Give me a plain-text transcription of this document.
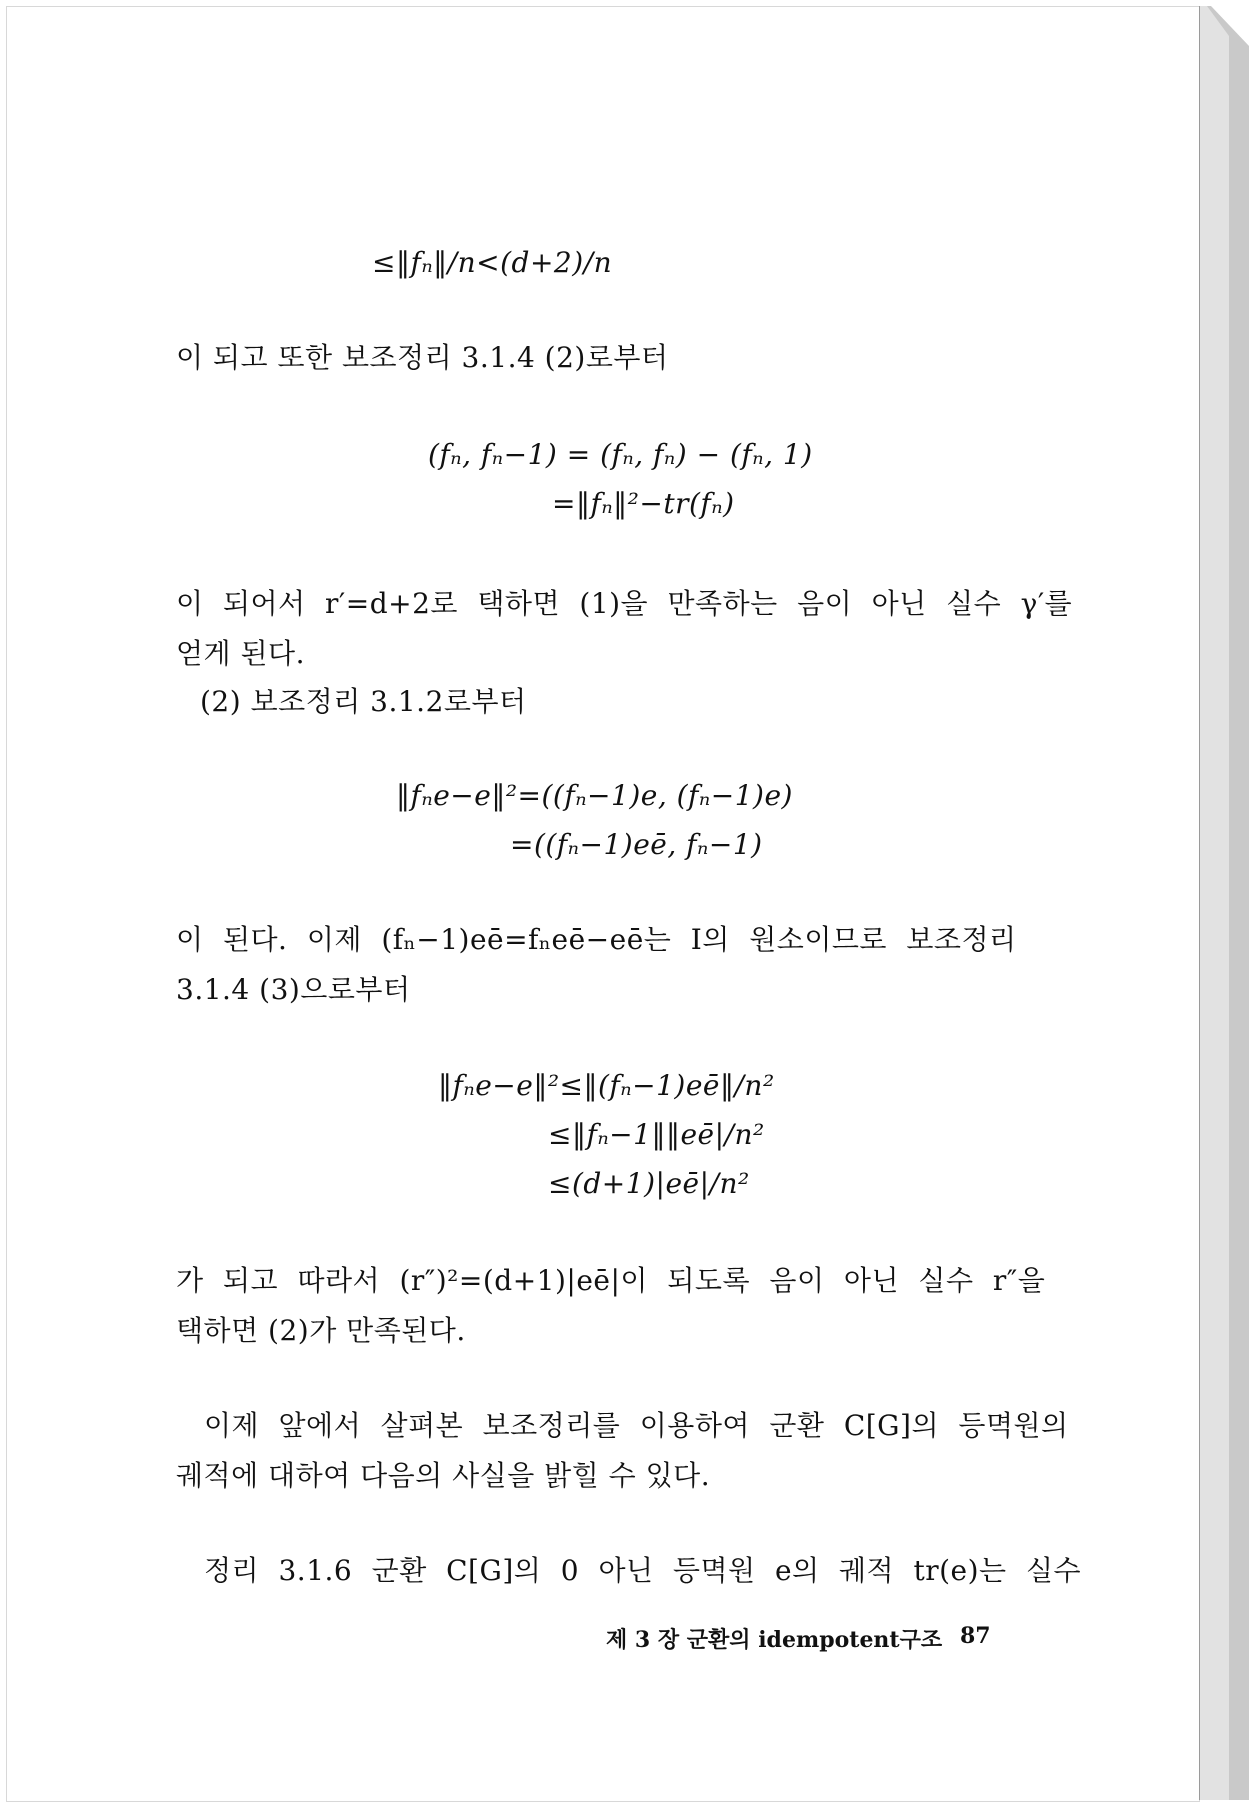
≤‖fₙ‖/n<(d+2)/n
이 되고 또한 보조정리 3.1.4 (2)로부터
(fₙ, fₙ−1) = (fₙ, fₙ) − (fₙ, 1)
=‖fₙ‖²−tr(fₙ)
이 되어서 r′=d+2로 택하면 (1)을 만족하는 음이 아닌 실수 γ′를
얻게 된다.
(2) 보조정리 3.1.2로부터
‖fₙe−e‖²=((fₙ−1)e, (fₙ−1)e)
=((fₙ−1)eē, fₙ−1)
이 된다. 이제 (fₙ−1)eē=fₙeē−eē는 I의 원소이므로 보조정리
3.1.4 (3)으로부터
‖fₙe−e‖²≤‖(fₙ−1)eē‖/n²
≤‖fₙ−1‖‖eē|/n²
≤(d+1)|eē|/n²
가 되고 따라서 (r″)²=(d+1)|eē|이 되도록 음이 아닌 실수 r″을
택하면 (2)가 만족된다.
이제 앞에서 살펴본 보조정리를 이용하여 군환 C[G]의 등멱원의
궤적에 대하여 다음의 사실을 밝힐 수 있다.
정리 3.1.6 군환 C[G]의 0 아닌 등멱원 e의 궤적 tr(e)는 실수
제 3 장 군환의 idempotent구조 87
